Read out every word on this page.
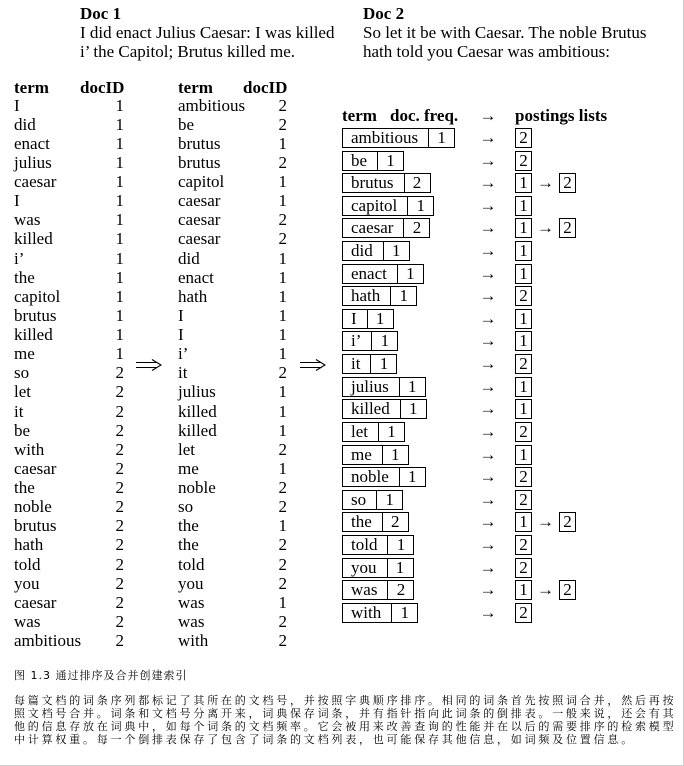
Doc 1
I did enact Julius Caesar: I was killed
i’ the Capitol; Brutus killed me.
Doc 2
So let it be with Caesar. The noble Brutus
hath told you Caesar was ambitious:
term	docID
I	1
did	1
enact	1
julius	1
caesar	1
I	1
was	1
killed	1
i’	1
the	1
capitol	1
brutus	1
killed	1
me	1
so	2
let	2
it	2
be	2
with	2
caesar	2
the	2
noble	2
brutus	2
hath	2
told	2
you	2
caesar	2
was	2
ambitious	2
term	docID
ambitious	2
be	2
brutus	1
brutus	2
capitol	1
caesar	1
caesar	2
caesar	2
did	1
enact	1
hath	1
I	1
I	1
i’	1
it	2
julius	1
killed	1
killed	1
let	2
me	1
noble	2
so	2
the	1
the	2
told	2
you	2
was	1
was	2
with	2
term doc. freq. → postings lists
ambitious	1	→ 2
be	1	→ 2
brutus	2	→ 1 → 2
capitol	1	→ 1
caesar	2	→ 1 → 2
did	1	→ 1
enact	1	→ 1
hath	1	→ 2
I	1	→ 1
i’	1	→ 1
it	1	→ 2
julius	1	→ 1
killed	1	→ 1
let	1	→ 2
me	1	→ 1
noble	1	→ 2
so	1	→ 2
the	2	→ 1 → 2
told	1	→ 2
you	1	→ 2
was	2	→ 1 → 2
with	1	→ 2
图 1.3 通过排序及合并创建索引
每篇文档的词条序列都标记了其所在的文档号，并按照字典顺序排序。相同的词条首先按照词合并，然后再按照文档号合并。词条和文档号分离开来，词典保存词条，并有指针指向此词条的倒排表。一般来说，还会有其他的信息存放在词典中，如每个词条的文档频率。它会被用来改善查询的性能并在以后的需要排序的检索模型中计算权重。每一个倒排表保存了包含了词条的文档列表，也可能保存其他信息，如词频及位置信息。
